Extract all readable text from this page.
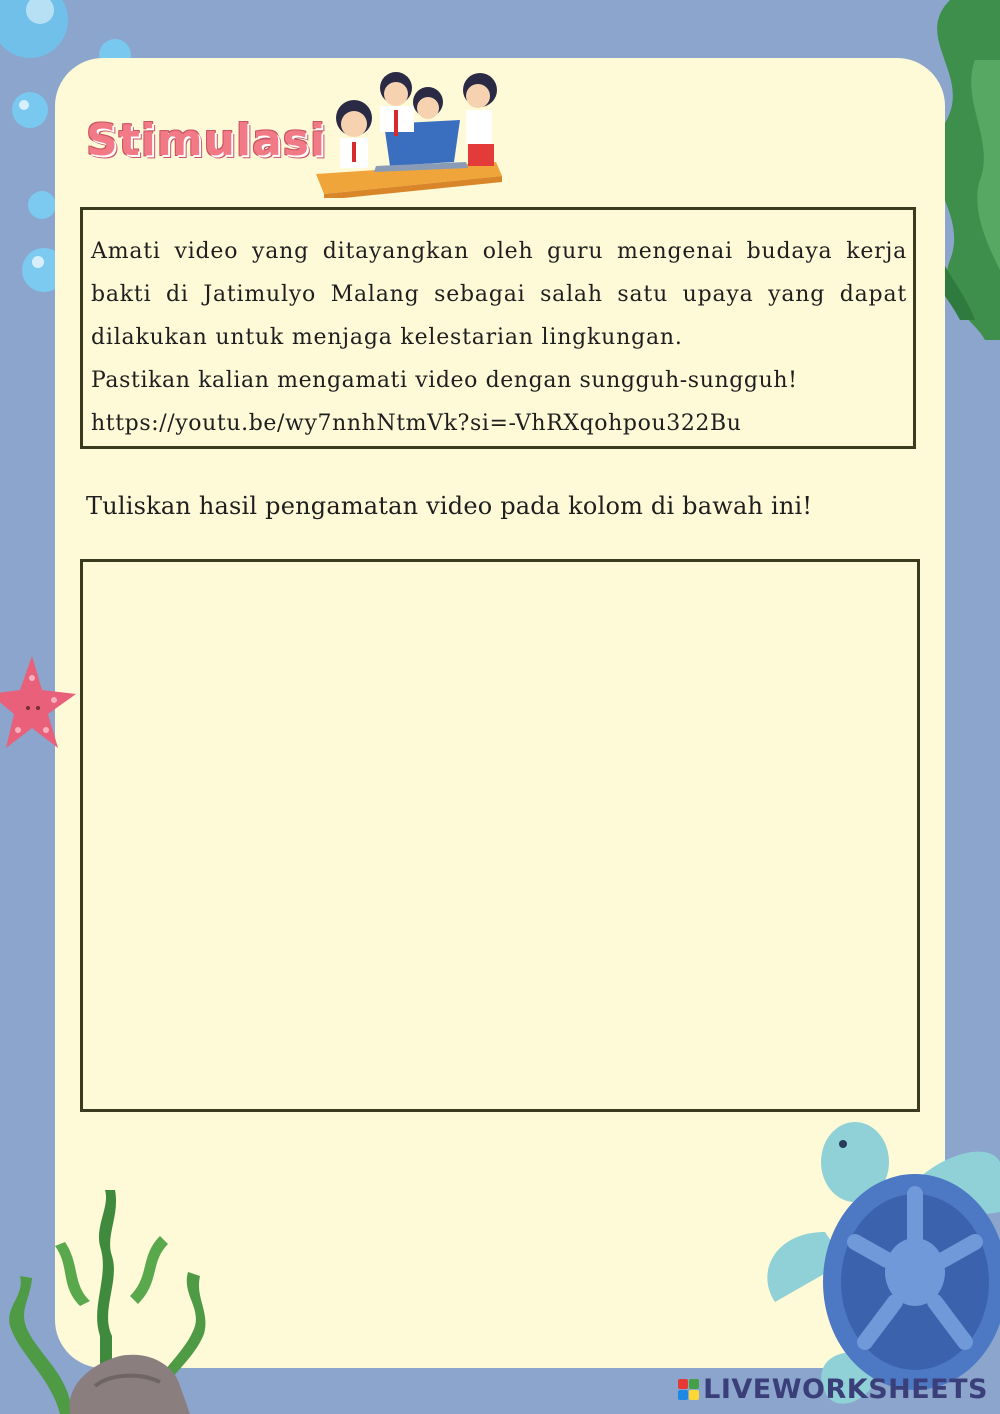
Stimulasi
Amati video yang ditayangkan oleh guru mengenai budaya kerja bakti di Jatimulyo Malang sebagai salah satu upaya yang dapat dilakukan untuk menjaga kelestarian lingkungan.
Pastikan kalian mengamati video dengan sungguh-sungguh!
https://youtu.be/wy7nnhNtmVk?si=-VhRXqohpou322Bu
Tuliskan hasil pengamatan video pada kolom di bawah ini!
LIVEWORKSHEETS
